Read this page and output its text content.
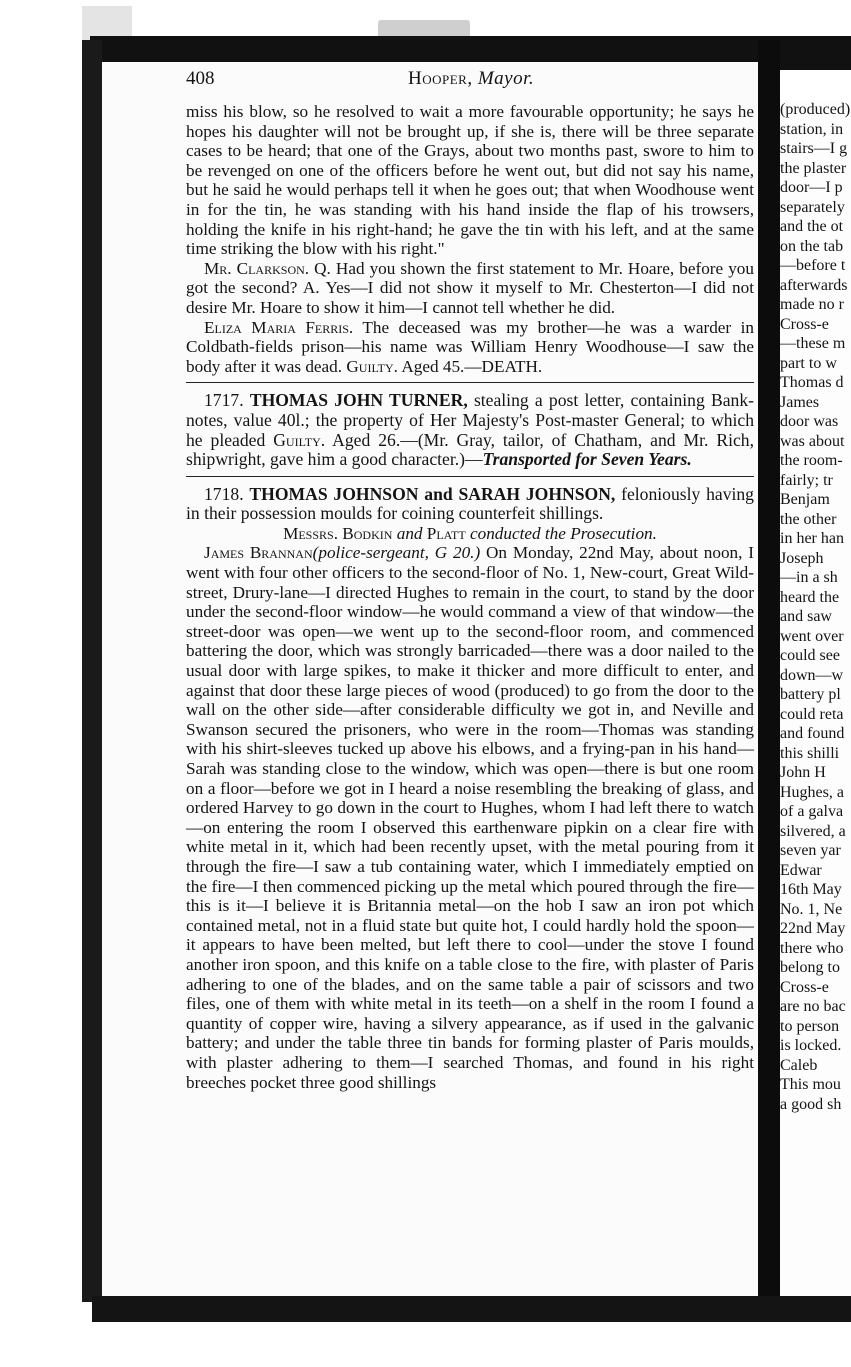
408	Hooper, Mayor.

miss his blow, so he resolved to wait a more favourable opportunity; he says he hopes his daughter will not be brought up, if she is, there will be three separate cases to be heard; that one of the Grays, about two months past, swore to him to be revenged on one of the officers before he went out, but did not say his name, but he said he would perhaps tell it when he goes out; that when Woodhouse went in for the tin, he was standing with his hand inside the flap of his trowsers, holding the knife in his right-hand; he gave the tin with his left, and at the same time striking the blow with his right."

Mr. Clarkson. Q. Had you shown the first statement to Mr. Hoare, before you got the second? A. Yes—I did not show it myself to Mr. Chesterton—I did not desire Mr. Hoare to show it him—I cannot tell whether he did.

Eliza Maria Ferris. The deceased was my brother—he was a warder in Coldbath-fields prison—his name was William Henry Woodhouse—I saw the body after it was dead. Guilty. Aged 45.—DEATH.

1717. THOMAS JOHN TURNER, stealing a post letter, containing Bank-notes, value 40l.; the property of Her Majesty's Post-master General; to which he pleaded Guilty. Aged 26.—(Mr. Gray, tailor, of Chatham, and Mr. Rich, shipwright, gave him a good character.)—Transported for Seven Years.

1718. THOMAS JOHNSON and SARAH JOHNSON, feloniously having in their possession moulds for coining counterfeit shillings.

Messrs. Bodkin and Platt conducted the Prosecution.

James Brannan(police-sergeant, G 20.) On Monday, 22nd May, about noon, I went with four other officers to the second-floor of No. 1, New-court, Great Wild-street, Drury-lane—I directed Hughes to remain in the court, to stand by the door under the second-floor window—he would command a view of that window—the street-door was open—we went up to the second-floor room, and commenced battering the door, which was strongly barricaded—there was a door nailed to the usual door with large spikes, to make it thicker and more difficult to enter, and against that door these large pieces of wood (produced) to go from the door to the wall on the other side—after considerable difficulty we got in, and Neville and Swanson secured the prisoners, who were in the room—Thomas was standing with his shirt-sleeves tucked up above his elbows, and a frying-pan in his hand—Sarah was standing close to the window, which was open—there is but one room on a floor—before we got in I heard a noise resembling the breaking of glass, and ordered Harvey to go down in the court to Hughes, whom I had left there to watch—on entering the room I observed this earthenware pipkin on a clear fire with white metal in it, which had been recently upset, with the metal pouring from it through the fire—I saw a tub containing water, which I immediately emptied on the fire—I then commenced picking up the metal which poured through the fire—this is it—I believe it is Britannia metal—on the hob I saw an iron pot which contained metal, not in a fluid state but quite hot, I could hardly hold the spoon—it appears to have been melted, but left there to cool—under the stove I found another iron spoon, and this knife on a table close to the fire, with plaster of Paris adhering to one of the blades, and on the same table a pair of scissors and two files, one of them with white metal in its teeth—on a shelf in the room I found a quantity of copper wire, having a silvery appearance, as if used in the galvanic battery; and under the table three tin bands for forming plaster of Paris moulds, with plaster adhering to them—I searched Thomas, and found in his right breeches pocket three good shillings

(produced)
station, in
stairs—I g
the plaster
door—I p
separately
and the ot
on the tab
—before t
afterwards
made no r
Cross-e
—these m
part to w
Thomas d
James
door was
was about
the room-
fairly; tr
Benjam
the other
in her han
Joseph
—in a sh
heard the
and saw
went over
could see
down—w
battery pl
could reta
and found
this shilli
John H
Hughes, a
of a galva
silvered, a
seven yar
Edwar
16th May
No. 1, Ne
22nd May
there who
belong to
Cross-e
are no bac
to person
is locked.
Caleb
This mou
a good sh
